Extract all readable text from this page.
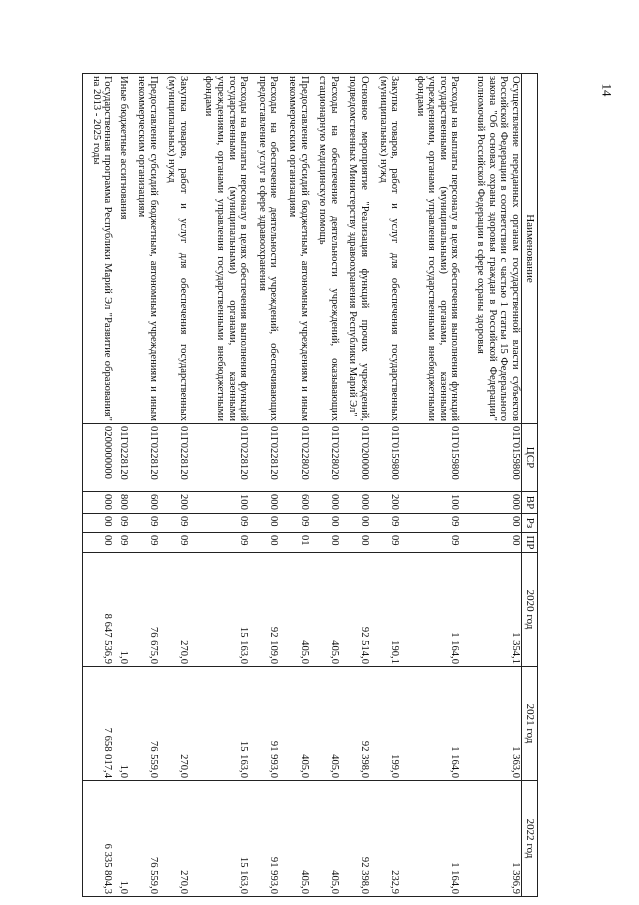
14
Наименование	ЦСР	ВР	Рз	ПР	2020 год	2021 год	2022 год
Осуществление переданных органам государственной власти субъектов Российской Федерации в соответствии с частью 1 статьи 15 Федерального закона "Об основах охраны здоровья граждан в Российской Федерации" полномочий Российской Федерации в сфере охраны здоровья	01Г0159800	000	00	00	1 354,1	1 363,0	1 396,9
Расходы на выплаты персоналу в целях обеспечения выполнения функций государственными (муниципальными) органами, казенными учреждениями, органами управления государственными внебюджетными фондами	01Г0159800	100	09	09	1 164,0	1 164,0	1 164,0
Закупка товаров, работ и услуг для обеспечения государственных (муниципальных) нужд	01Г0159800	200	09	09	190,1	199,0	232,9
Основное мероприятие "Реализация функций прочих учреждений, подведомственных Министерству здравоохранения Республики Марий Эл"	01Г0200000	000	00	00	92 514,0	92 398,0	92 398,0
Расходы на обеспечение деятельности учреждений, оказывающих стационарную медицинскую помощь	01Г0228020	000	00	00	405,0	405,0	405,0
Предоставление субсидий бюджетным, автономным учреждениям и иным некоммерческим организациям	01Г0228020	600	09	01	405,0	405,0	405,0
Расходы на обеспечение деятельности учреждений, обеспечивающих предоставление услуг в сфере здравоохранения	01Г0228120	000	00	00	92 109,0	91 993,0	91 993,0
Расходы на выплаты персоналу в целях обеспечения выполнения функций государственными (муниципальными) органами, казенными учреждениями, органами управления государственными внебюджетными фондами	01Г0228120	100	09	09	15 163,0	15 163,0	15 163,0
Закупка товаров, работ и услуг для обеспечения государственных (муниципальных) нужд	01Г0228120	200	09	09	270,0	270,0	270,0
Предоставление субсидий бюджетным, автономным учреждениям и иным некоммерческим организациям	01Г0228120	600	09	09	76 675,0	76 559,0	76 559,0
Иные бюджетные ассигнования	01Г0228120	800	09	09	1,0	1,0	1,0
Государственная программа Республики Марий Эл "Развитие образования" на 2013 - 2025 годы	0200000000	000	00	00	8 647 536,9	7 658 017,4	6 335 804,3
